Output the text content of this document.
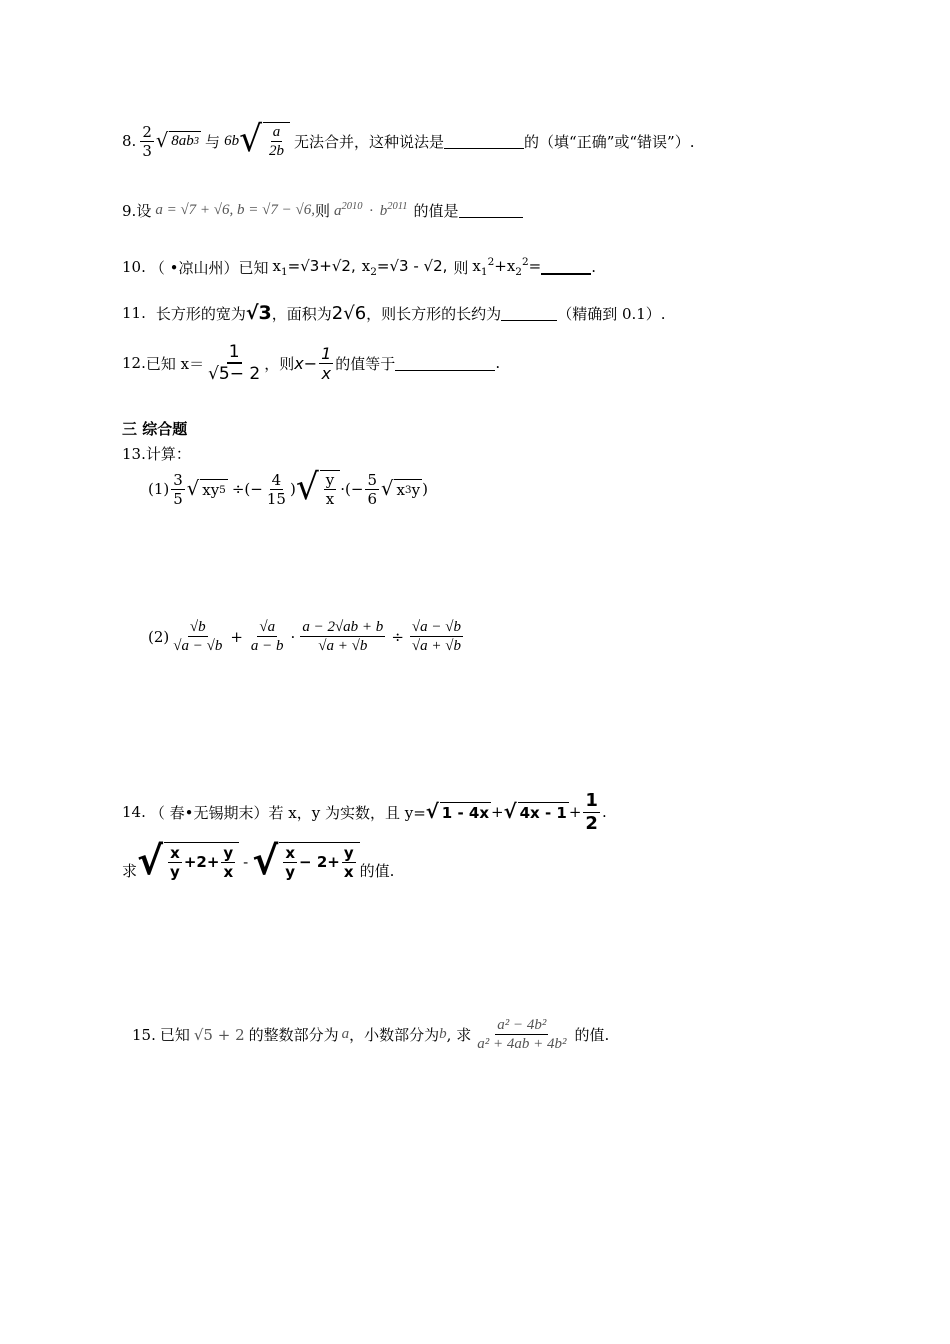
8. $\frac{2}{3}$ √ 8ab 3 与 6b √ $\frac{a}{2b}$ 无法合并，这种说法是	的（填“正确”或“错误”）.
9. 设 a = √7 + √6, b = √7 − √6, 则 $a^{2010} \cdot b^{2011}$ 的值是
10. （ •凉山州）已知 $x_1=√3+√2$, $x_2=√3 - √2$, 则 $x_1^2+x_2^2=$	.
11. 长方形的宽为 √3 ，面积为 2√6 ，则长方形的长约为	（精确到 0.1）.
12. 已知 $x= \frac{1}{√5- 2}$ ，则 $x- \frac{1}{x}$ 的值等于	.
三 综合题
13. 计算：
$(1) \frac{3}{5}$ √ xy 5 ÷(− $\frac{4}{15}$ ) √ $\frac{y}{x}$ ·(− $\frac{5}{6}$ √ x 3 y )
$(2) \frac{√b}{√a - √b} + \frac{√a}{a - b} \cdot \frac{a - 2√ab + b}{√a + √b} \div \frac{√a - √b}{√a + √b}$
14. （ 春•无锡期末）若 x，y 为实数，且 y= √ 1 - 4x + √ $4x - 1 + \frac{1}{2}$ .
求 √ $\frac{x}{y} +2+ \frac{y}{x}$ - √ $\frac{x}{y} - 2+ \frac{y}{x}$ 的值.
15. 已知 √5 + 2 的整数部分为 a ，小数部分为 b , 求 $\frac{\text{a² − 4b²}}{\text{a² + 4ab + 4b²}}$ 的值.
